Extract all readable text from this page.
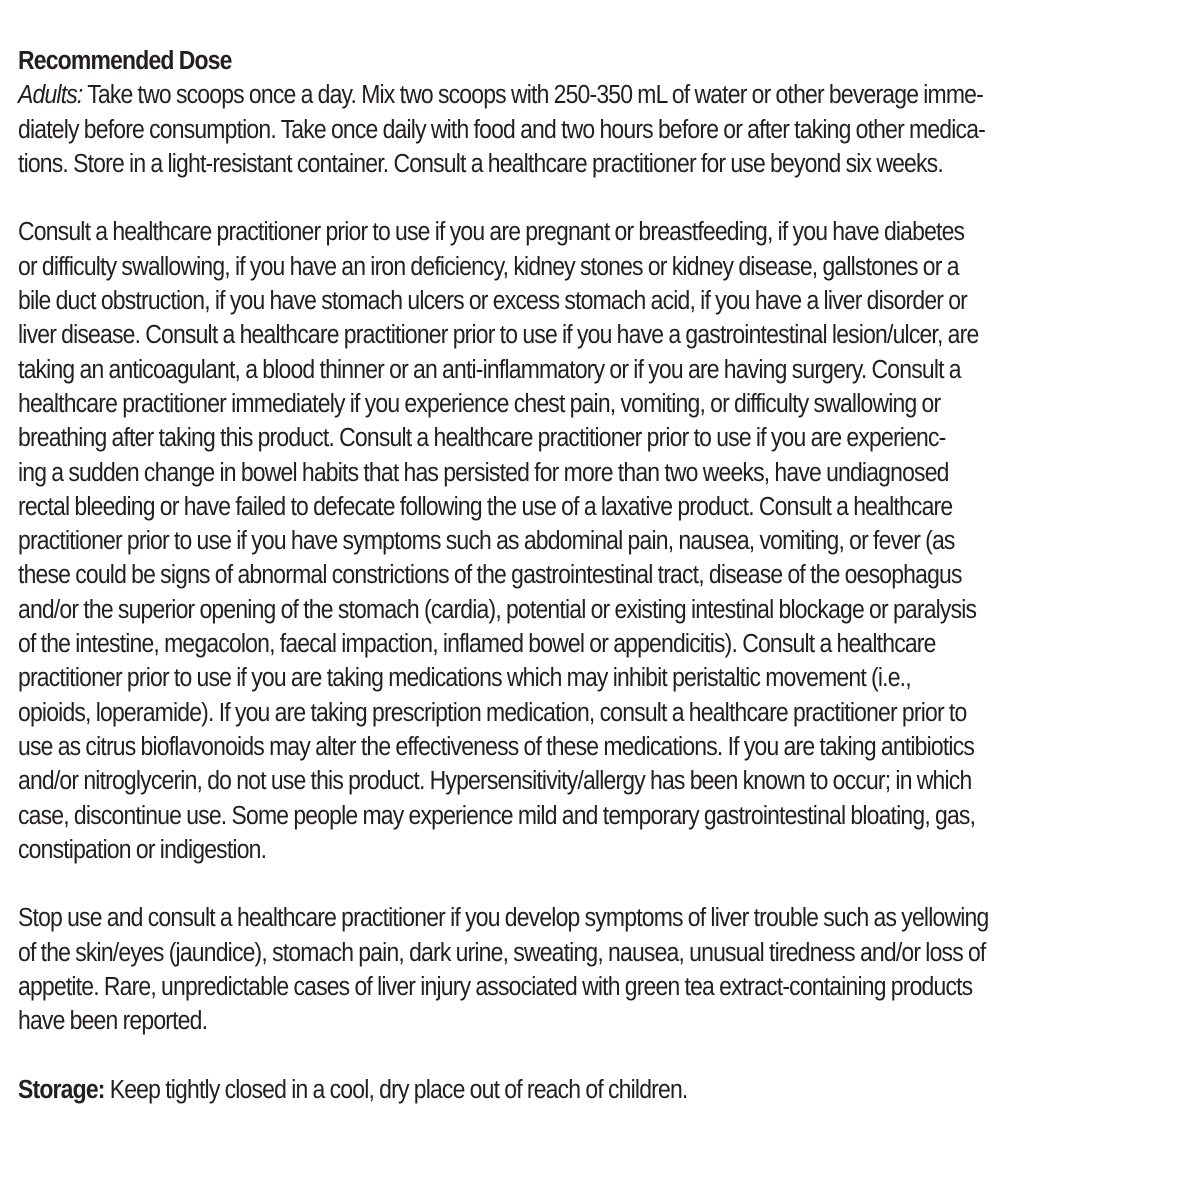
Recommended Dose

Adults: Take two scoops once a day. Mix two scoops with 250-350 mL of water or other beverage imme-
diately before consumption. Take once daily with food and two hours before or after taking other medica-
tions. Store in a light-resistant container. Consult a healthcare practitioner for use beyond six weeks.

Consult a healthcare practitioner prior to use if you are pregnant or breastfeeding, if you have diabetes
or difficulty swallowing, if you have an iron deficiency, kidney stones or kidney disease, gallstones or a
bile duct obstruction, if you have stomach ulcers or excess stomach acid, if you have a liver disorder or
liver disease. Consult a healthcare practitioner prior to use if you have a gastrointestinal lesion/ulcer, are
taking an anticoagulant, a blood thinner or an anti-inflammatory or if you are having surgery. Consult a
healthcare practitioner immediately if you experience chest pain, vomiting, or difficulty swallowing or
breathing after taking this product. Consult a healthcare practitioner prior to use if you are experienc-
ing a sudden change in bowel habits that has persisted for more than two weeks, have undiagnosed
rectal bleeding or have failed to defecate following the use of a laxative product. Consult a healthcare
practitioner prior to use if you have symptoms such as abdominal pain, nausea, vomiting, or fever (as
these could be signs of abnormal constrictions of the gastrointestinal tract, disease of the oesophagus
and/or the superior opening of the stomach (cardia), potential or existing intestinal blockage or paralysis
of the intestine, megacolon, faecal impaction, inflamed bowel or appendicitis). Consult a healthcare
practitioner prior to use if you are taking medications which may inhibit peristaltic movement (i.e.,
opioids, loperamide). If you are taking prescription medication, consult a healthcare practitioner prior to
use as citrus bioflavonoids may alter the effectiveness of these medications. If you are taking antibiotics
and/or nitroglycerin, do not use this product. Hypersensitivity/allergy has been known to occur; in which
case, discontinue use. Some people may experience mild and temporary gastrointestinal bloating, gas,
constipation or indigestion.

Stop use and consult a healthcare practitioner if you develop symptoms of liver trouble such as yellowing
of the skin/eyes (jaundice), stomach pain, dark urine, sweating, nausea, unusual tiredness and/or loss of
appetite. Rare, unpredictable cases of liver injury associated with green tea extract-containing products
have been reported.

Storage: Keep tightly closed in a cool, dry place out of reach of children.
